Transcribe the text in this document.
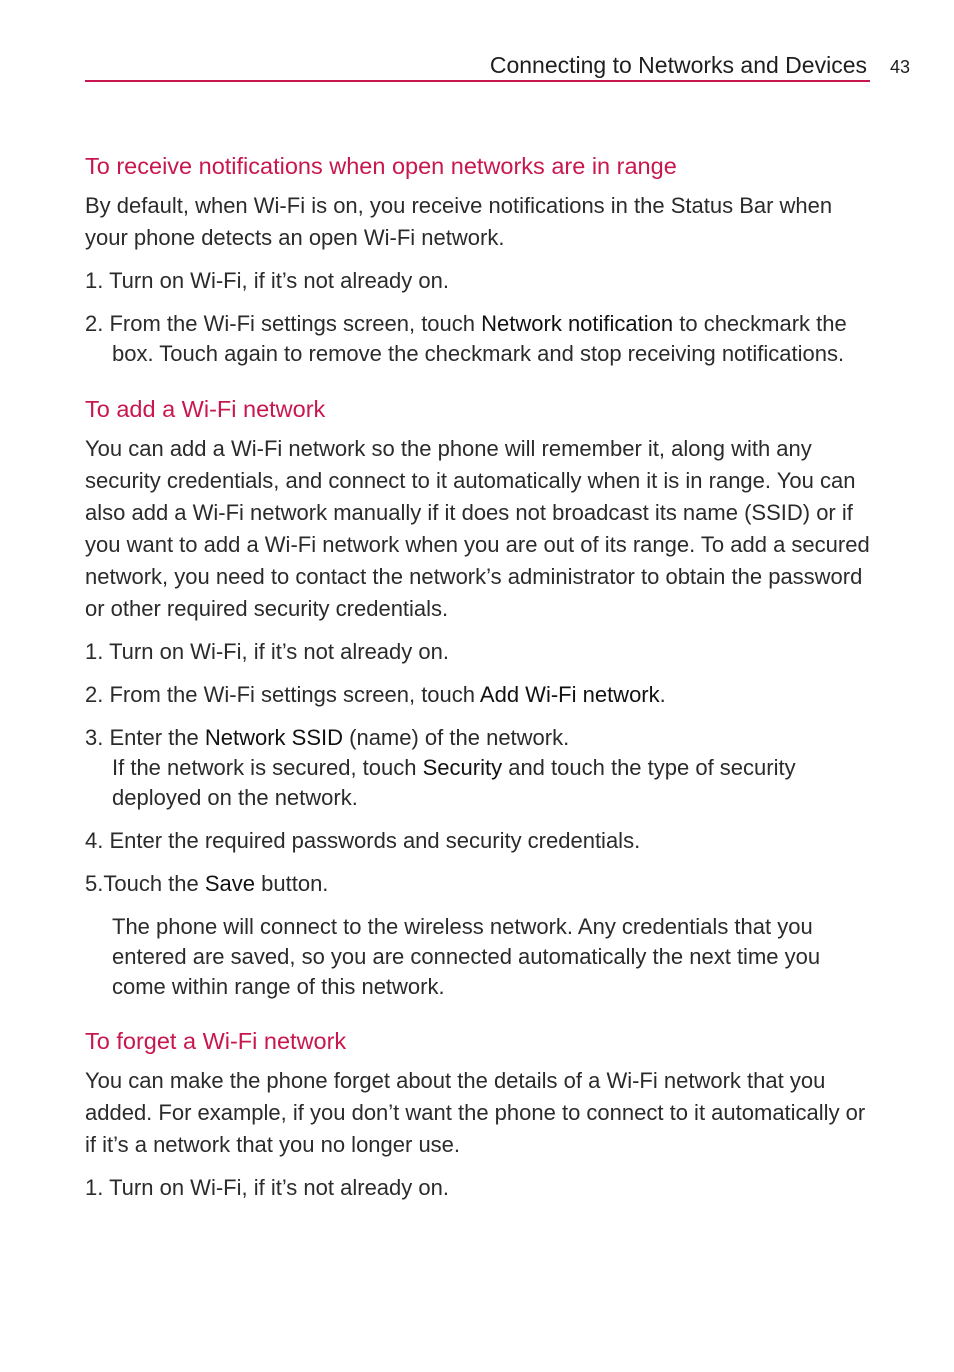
Connecting to Networks and Devices 43
To receive notifications when open networks are in range

By default, when Wi-Fi is on, you receive notifications in the Status Bar when your phone detects an open Wi-Fi network.

1. Turn on Wi-Fi, if it’s not already on.
2. From the Wi-Fi settings screen, touch Network notification to checkmark the box. Touch again to remove the checkmark and stop receiving notifications.
To add a Wi-Fi network

You can add a Wi-Fi network so the phone will remember it, along with any security credentials, and connect to it automatically when it is in range. You can also add a Wi-Fi network manually if it does not broadcast its name (SSID) or if you want to add a Wi-Fi network when you are out of its range. To add a secured network, you need to contact the network’s administrator to obtain the password or other required security credentials.

1. Turn on Wi-Fi, if it’s not already on.
2. From the Wi-Fi settings screen, touch Add Wi-Fi network.
3. Enter the Network SSID (name) of the network.
If the network is secured, touch Security and touch the type of security deployed on the network.
4. Enter the required passwords and security credentials.
5.Touch the Save button.
The phone will connect to the wireless network. Any credentials that you entered are saved, so you are connected automatically the next time you come within range of this network.
To forget a Wi-Fi network

You can make the phone forget about the details of a Wi-Fi network that you added. For example, if you don’t want the phone to connect to it automatically or if it’s a network that you no longer use.

1. Turn on Wi-Fi, if it’s not already on.
